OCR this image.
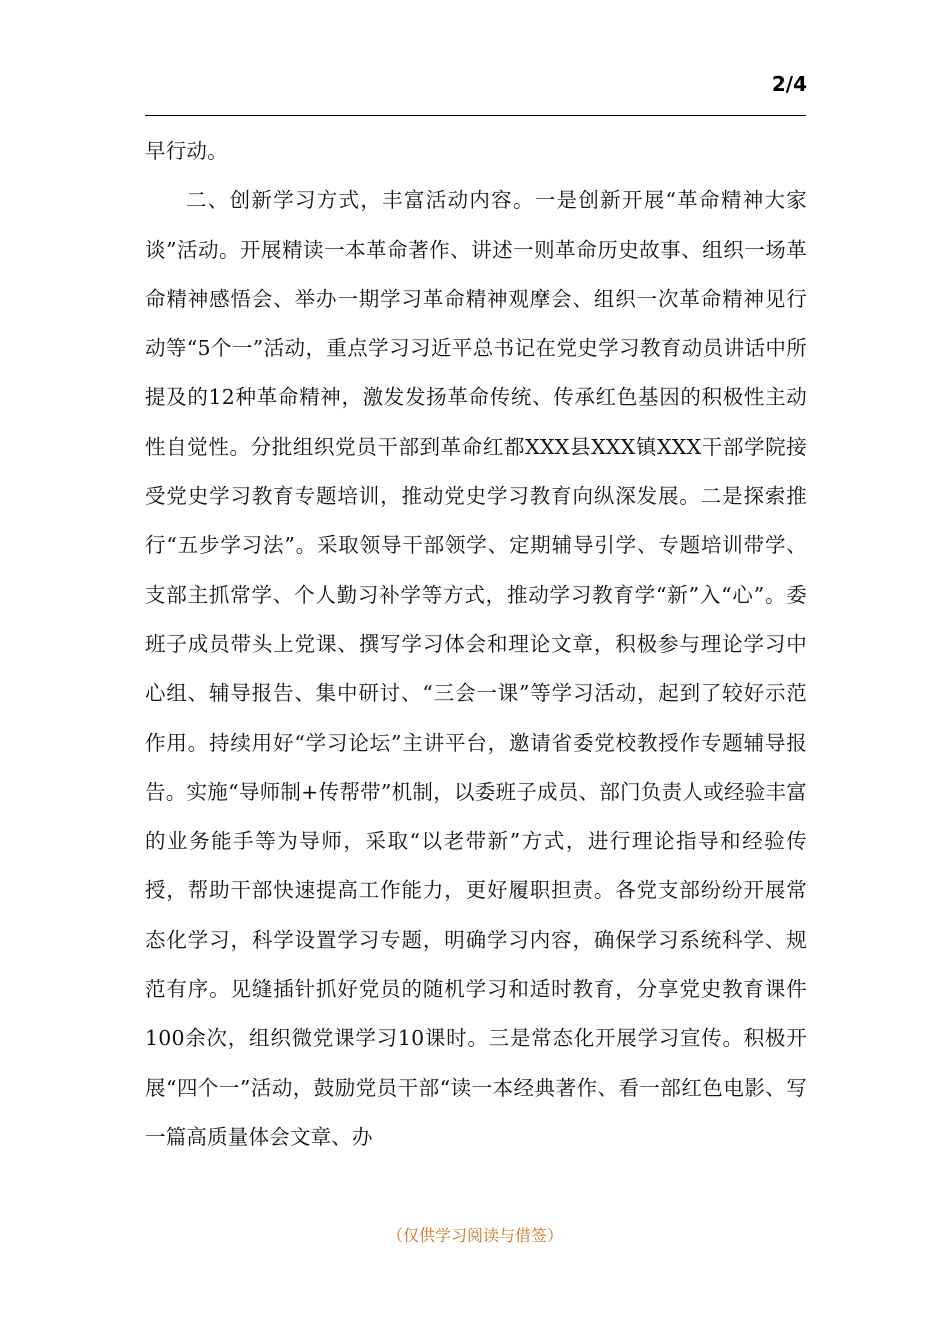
2/4

早行动。

二、创新学习方式，丰富活动内容。一是创新开展“革命精神大家谈”活动。开展精读一本革命著作、讲述一则革命历史故事、组织一场革命精神感悟会、举办一期学习革命精神观摩会、组织一次革命精神见行动等“5个一”活动，重点学习习近平总书记在党史学习教育动员讲话中所提及的12种革命精神，激发发扬革命传统、传承红色基因的积极性主动性自觉性。分批组织党员干部到革命红都XXX县XXX镇XXX干部学院接受党史学习教育专题培训，推动党史学习教育向纵深发展。二是探索推行“五步学习法”。采取领导干部领学、定期辅导引学、专题培训带学、支部主抓常学、个人勤习补学等方式，推动学习教育学“新”入“心”。委班子成员带头上党课、撰写学习体会和理论文章，积极参与理论学习中心组、辅导报告、集中研讨、“三会一课”等学习活动，起到了较好示范作用。持续用好“学习论坛”主讲平台，邀请省委党校教授作专题辅导报告。实施“导师制+传帮带”机制，以委班子成员、部门负责人或经验丰富的业务能手等为导师，采取“以老带新”方式，进行理论指导和经验传授，帮助干部快速提高工作能力，更好履职担责。各党支部纷纷开展常态化学习，科学设置学习专题，明确学习内容，确保学习系统科学、规范有序。见缝插针抓好党员的随机学习和适时教育，分享党史教育课件100余次，组织微党课学习10课时。三是常态化开展学习宣传。积极开展“四个一”活动，鼓励党员干部“读一本经典著作、看一部红色电影、写一篇高质量体会文章、办

（仅供学习阅读与借签）
